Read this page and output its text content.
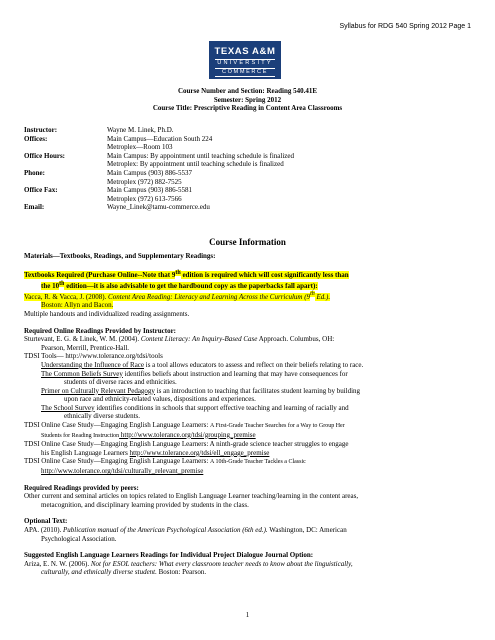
Syllabus for RDG 540 Spring 2012 Page 1
TEXAS A&M
UNIVERSITY
COMMERCE
Course Number and Section: Reading 540.41E
Semester: Spring 2012
Course Title: Prescriptive Reading in Content Area Classrooms
Instructor:	Wayne M. Linek, Ph.D.
Offices:	Main Campus—Education South 224
Metroplex—Room 103
Office Hours:	Main Campus: By appointment until teaching schedule is finalized
Metroplex: By appointment until teaching schedule is finalized
Phone:	Main Campus (903) 886-5537
Metroplex (972) 882-7525
Office Fax:	Main Campus (903) 886-5581
Metroplex (972) 613-7566
Email:	Wayne_Linek@tamu-commerce.edu
Course Information
Materials—Textbooks, Readings, and Supplementary Readings:
Textbooks Required (Purchase Online--Note that 9th edition is required which will cost significantly less than
the 10th edition—it is also advisable to get the hardbound copy as the paperbacks fall apart):
Vacca, R. & Vacca, J. (2008). Content Area Reading: Literacy and Learning Across the Curriculum (9th Ed.).
Boston: Allyn and Bacon.
Multiple handouts and individualized reading assignments.
Required Online Readings Provided by Instructor:
Sturtevant, E. G. & Linek, W. M. (2004). Content Literacy: An Inquiry-Based Case Approach. Columbus, OH:
Pearson, Merrill, Prentice-Hall.
TDSI Tools— http://www.tolerance.org/tdsi/tools
Understanding the Influence of Race is a tool allows educators to assess and reflect on their beliefs relating to race.
The Common Beliefs Survey identifies beliefs about instruction and learning that may have consequences for
students of diverse races and ethnicities.
Primer on Culturally Relevant Pedagogy is an introduction to teaching that facilitates student learning by building
upon race and ethnicity-related values, dispositions and experiences.
The School Survey identifies conditions in schools that support effective teaching and learning of racially and
ethnically diverse students.
TDSI Online Case Study—Engaging English Language Learners: A First-Grade Teacher Searches for a Way to Group Her
Students for Reading Instruction http://www.tolerance.org/tdsi/grouping_premise
TDSI Online Case Study—Engaging English Language Learners: A ninth-grade science teacher struggles to engage
his English Language Learners http://www.tolerance.org/tdsi/ell_engage_premise
TDSI Online Case Study—Engaging English Language Learners: A 10th-Grade Teacher Tackles a Classic
http://www.tolerance.org/tdsi/culturally_relevant_premise
Required Readings provided by peers:
Other current and seminal articles on topics related to English Language Learner teaching/learning in the content areas,
metacognition, and disciplinary learning provided by students in the class.
Optional Text:
APA. (2010). Publication manual of the American Psychological Association (6th ed.). Washington, DC: American
Psychological Association.
Suggested English Language Learners Readings for Individual Project Dialogue Journal Option:
Ariza, E. N. W. (2006). Not for ESOL teachers: What every classroom teacher needs to know about the linguistically,
culturally, and ethnically diverse student. Boston: Pearson.
1
